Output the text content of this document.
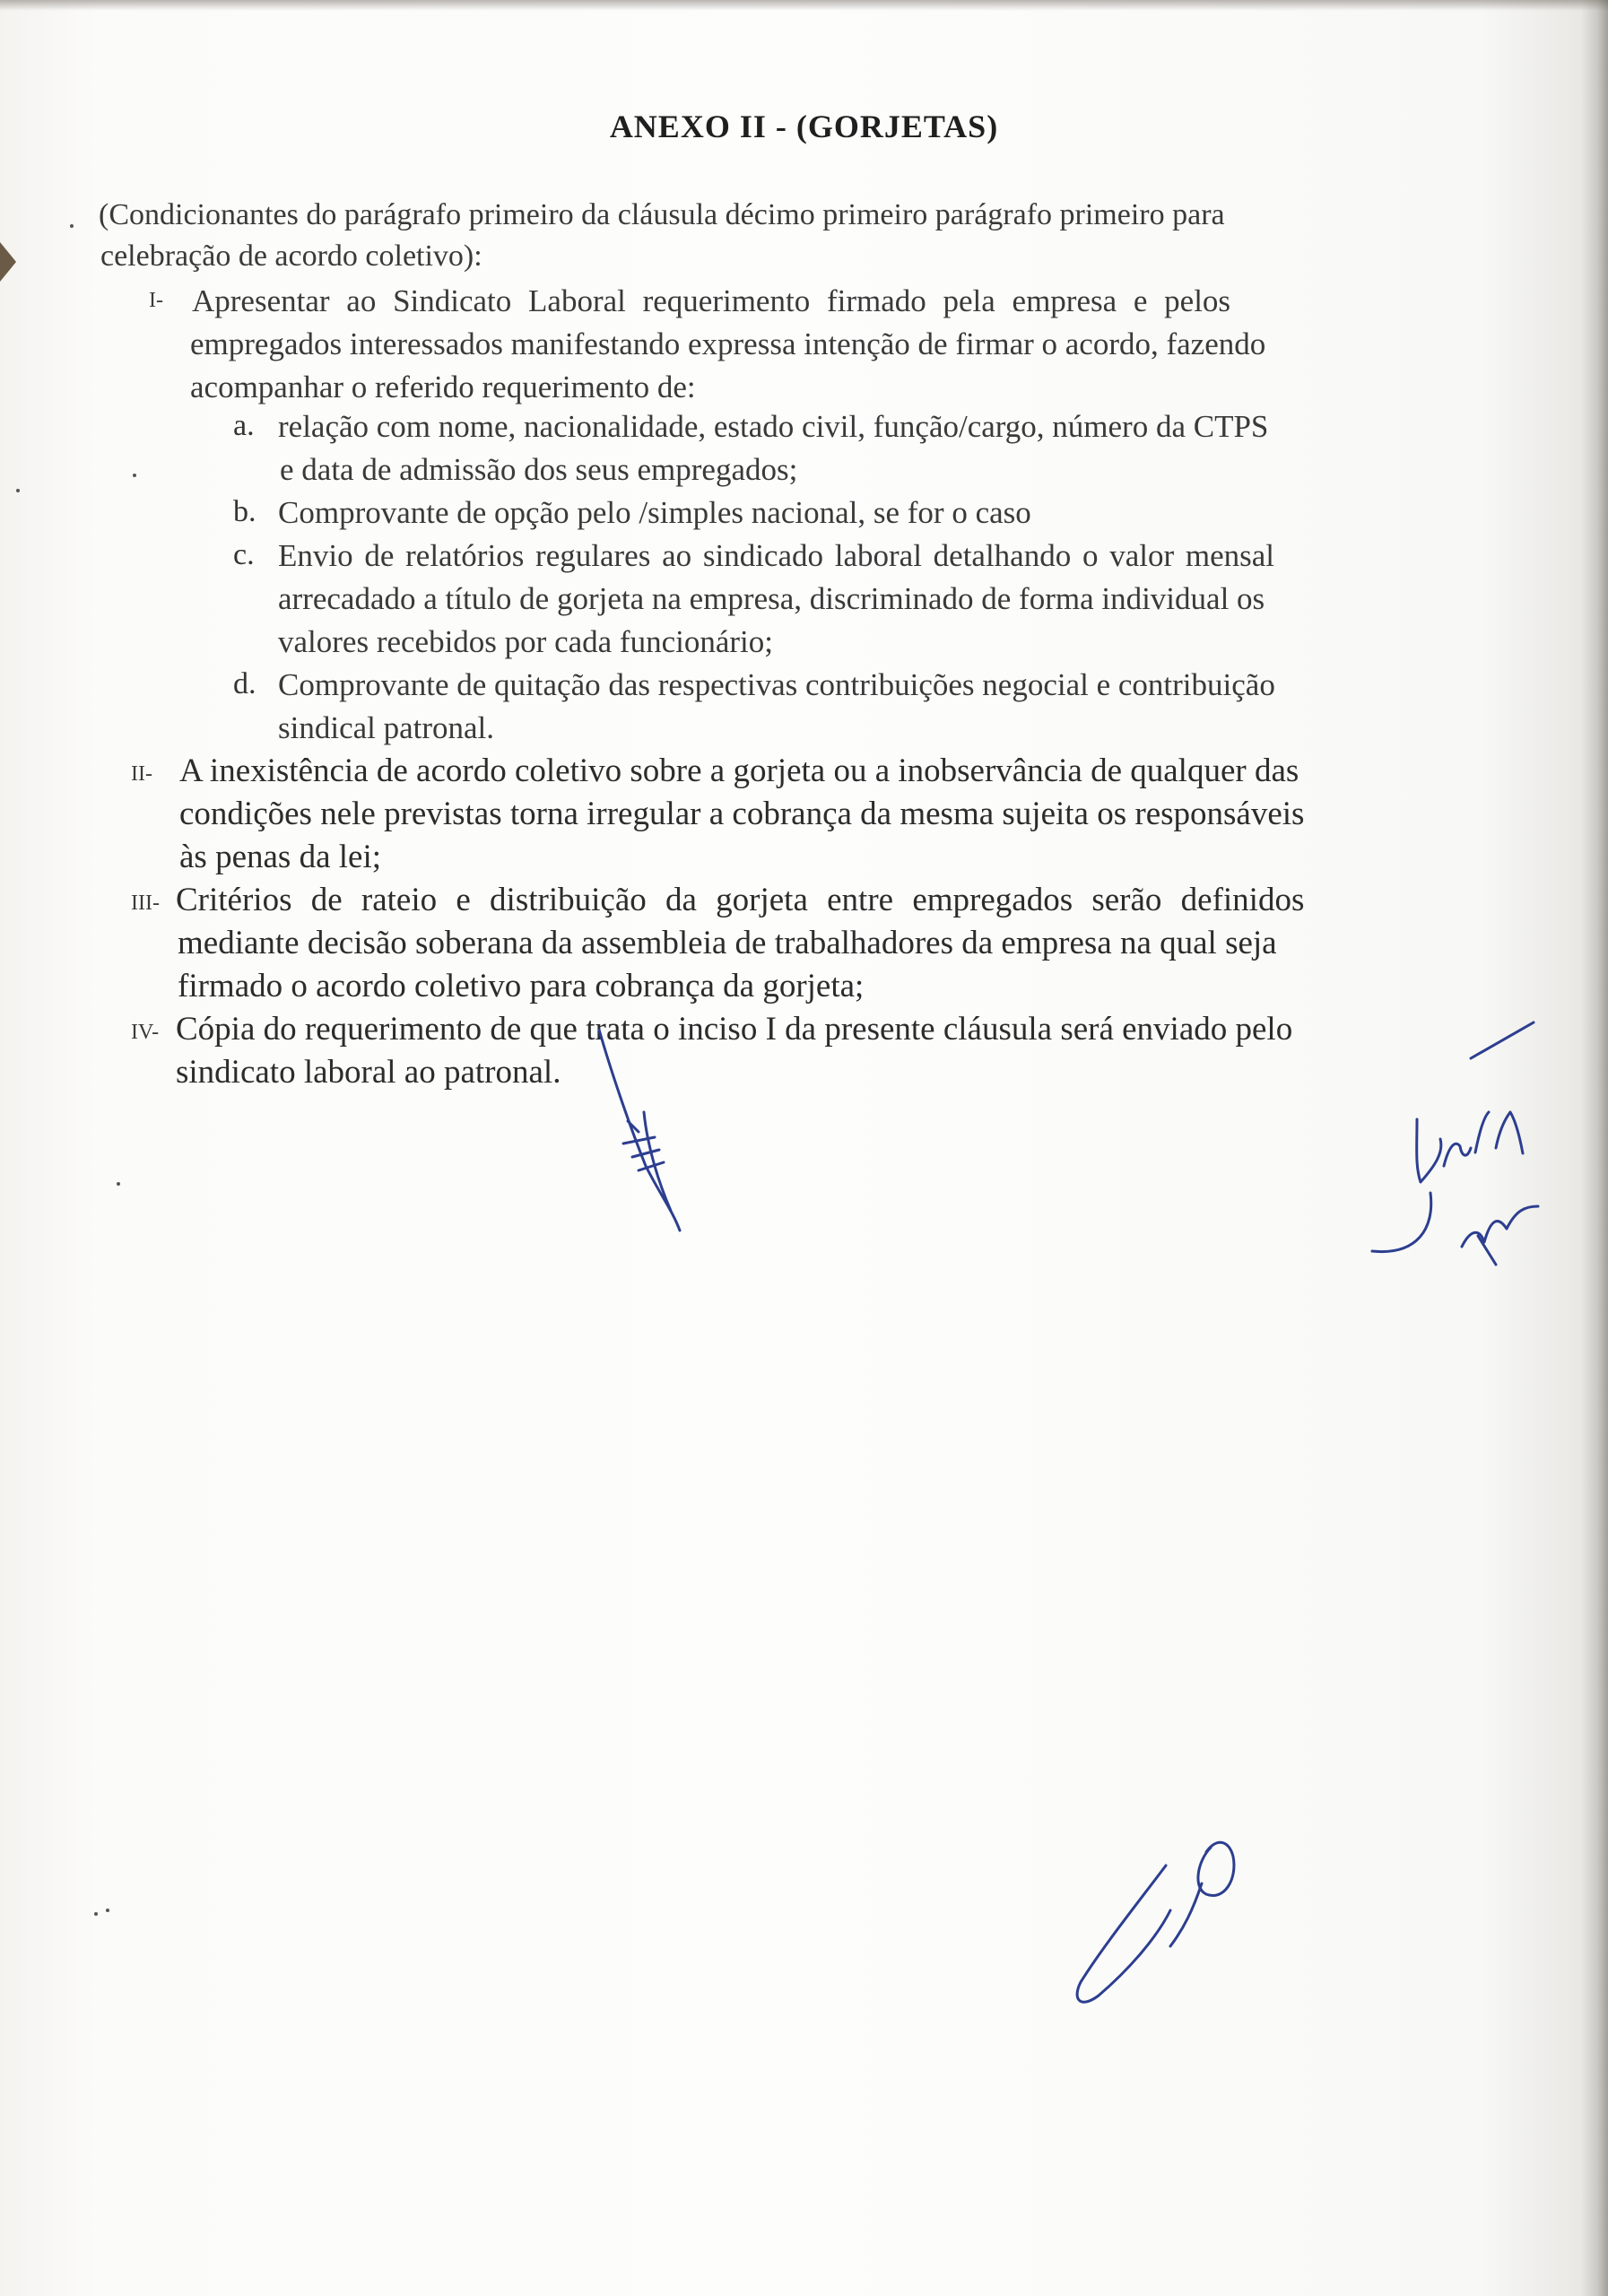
ANEXO II - (GORJETAS)
(Condicionantes do parágrafo primeiro da cláusula décimo primeiro parágrafo primeiro para
celebração de acordo coletivo):
I- Apresentar ao Sindicato Laboral requerimento firmado pela empresa e pelos
empregados interessados manifestando expressa intenção de firmar o acordo, fazendo
acompanhar o referido requerimento de:
a. relação com nome, nacionalidade, estado civil, função/cargo, número da CTPS
e data de admissão dos seus empregados;
b. Comprovante de opção pelo /simples nacional, se for o caso
c. Envio de relatórios regulares ao sindicado laboral detalhando o valor mensal
arrecadado a título de gorjeta na empresa, discriminado de forma individual os
valores recebidos por cada funcionário;
d. Comprovante de quitação das respectivas contribuições negocial e contribuição
sindical patronal.
II- A inexistência de acordo coletivo sobre a gorjeta ou a inobservância de qualquer das
condições nele previstas torna irregular a cobrança da mesma sujeita os responsáveis
às penas da lei;
III- Critérios de rateio e distribuição da gorjeta entre empregados serão definidos
mediante decisão soberana da assembleia de trabalhadores da empresa na qual seja
firmado o acordo coletivo para cobrança da gorjeta;
IV- Cópia do requerimento de que trata o inciso I da presente cláusula será enviado pelo
sindicato laboral ao patronal.
